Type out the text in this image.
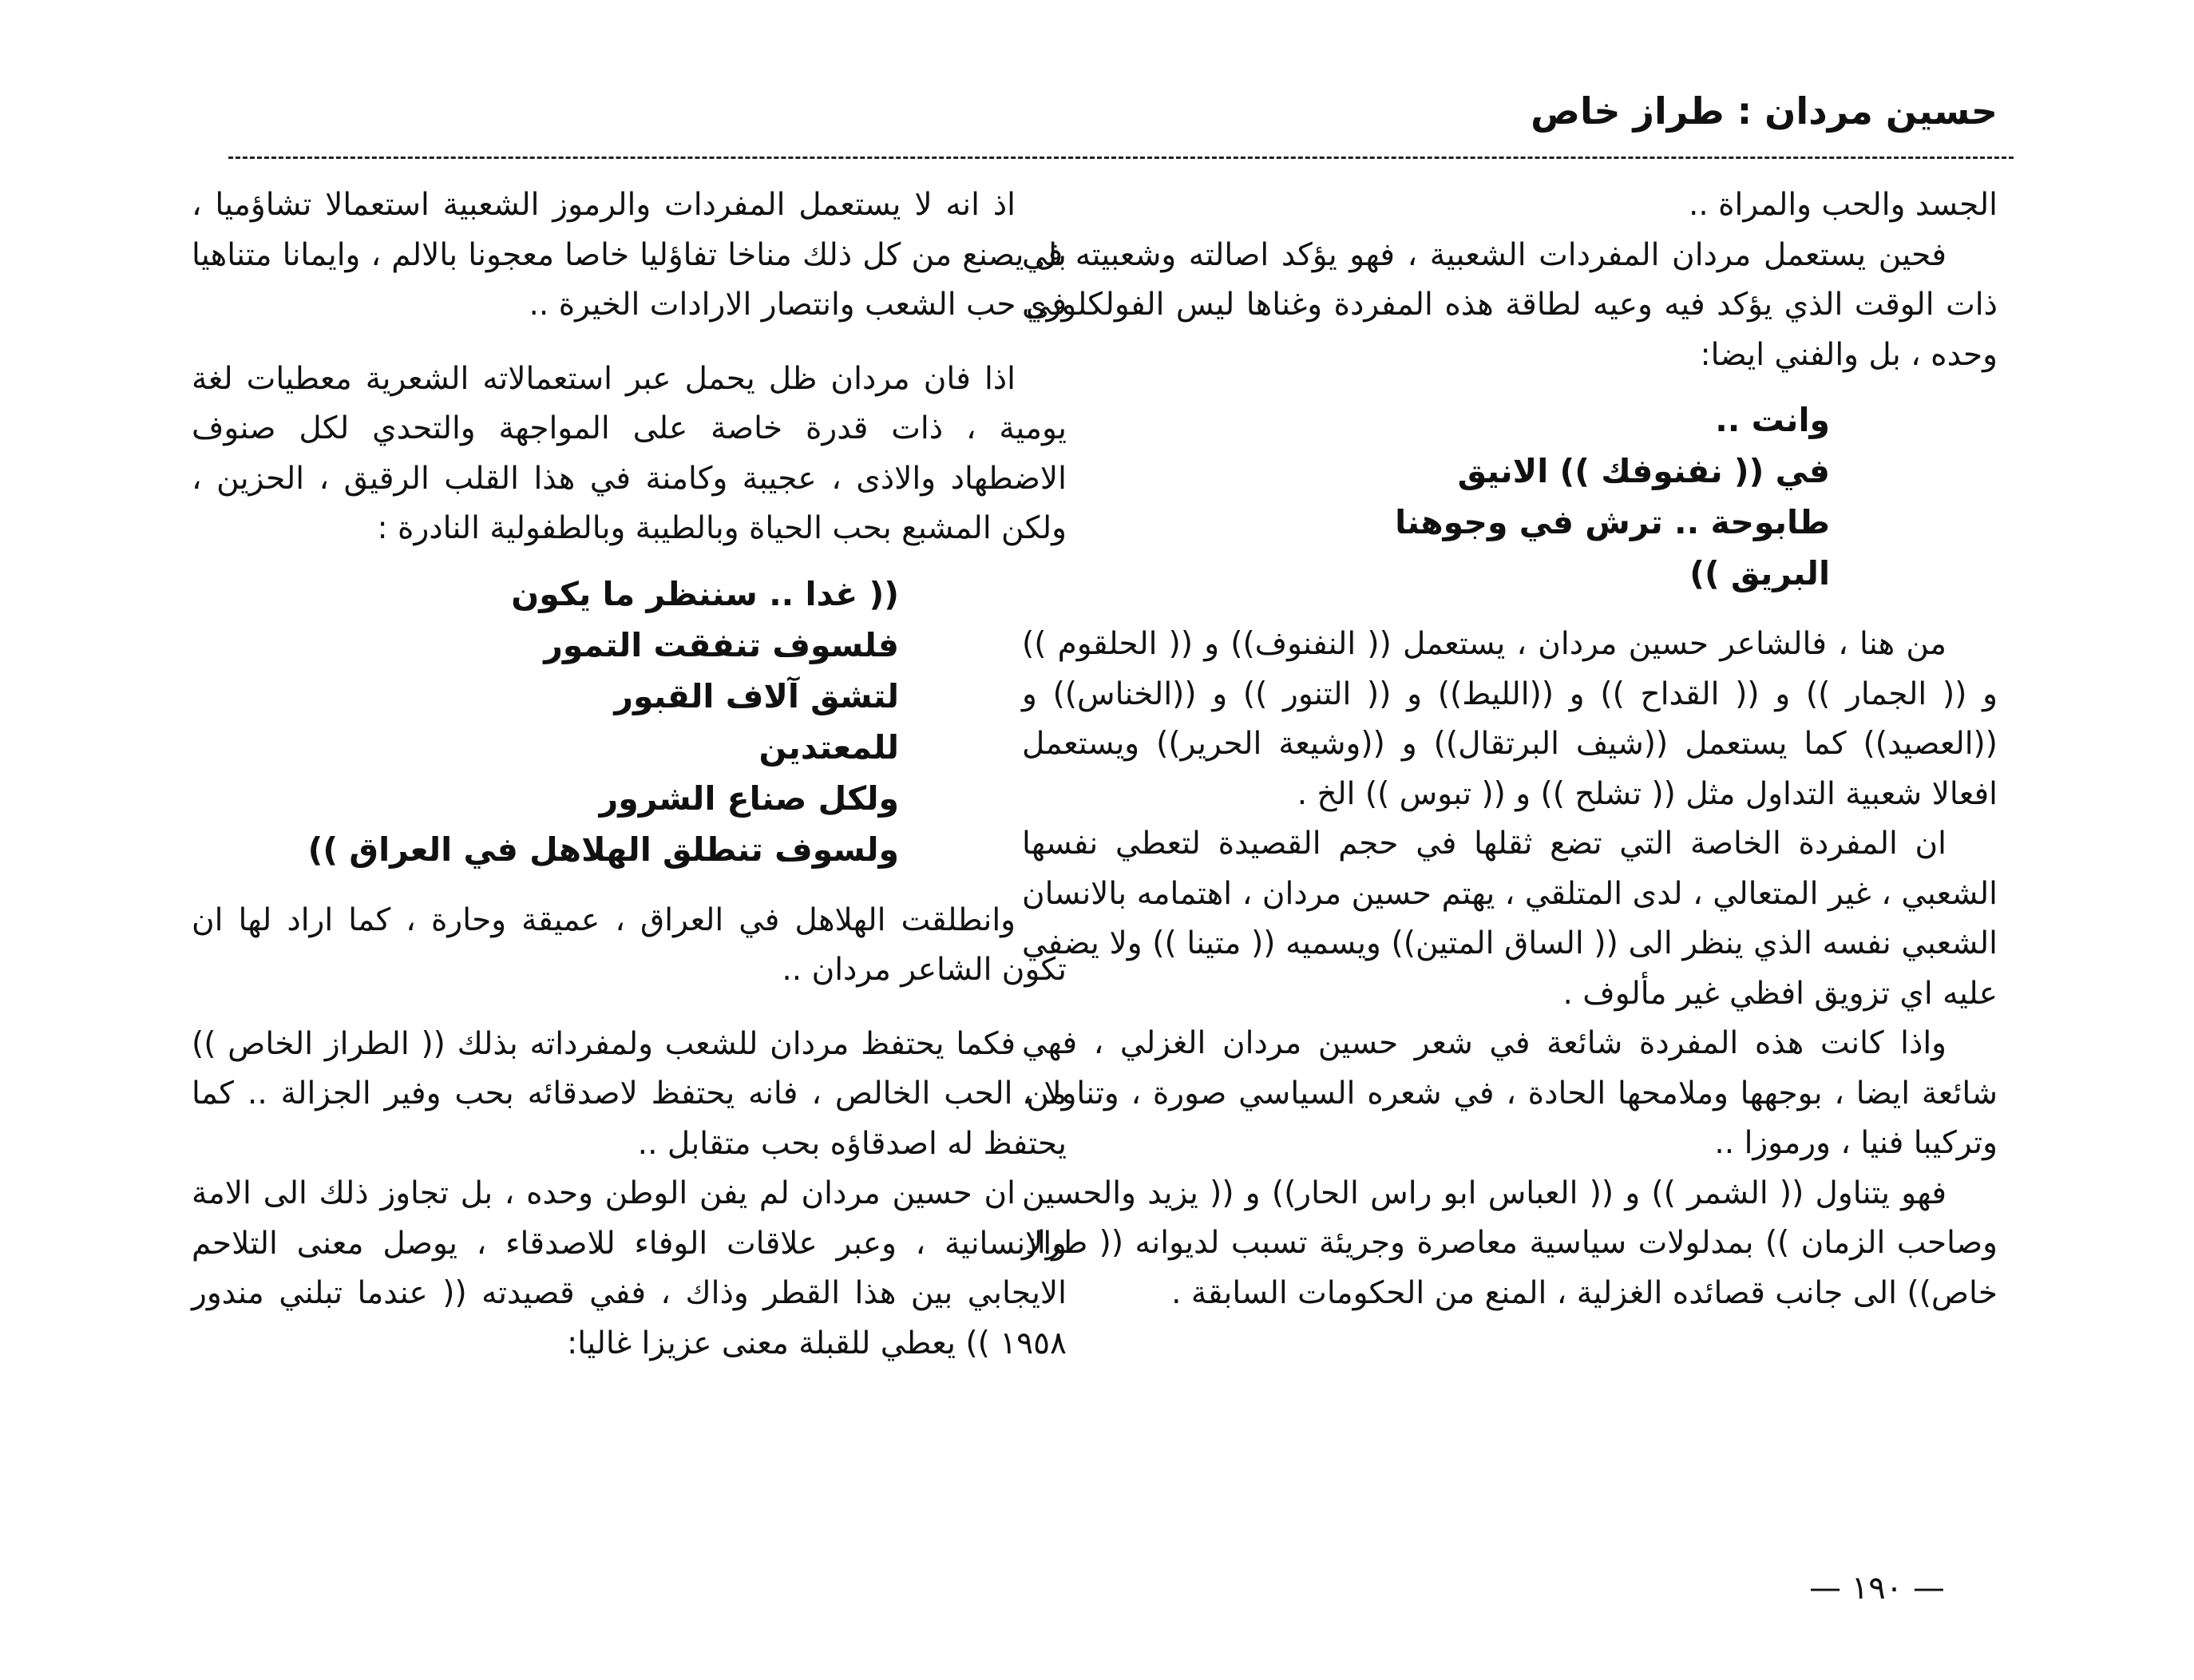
حسين مردان : طراز خاص

الجسد والحب والمراة ..

فحين يستعمل مردان المفردات الشعبية ، فهو يؤكد اصالته وشعبيته في ذات الوقت الذي يؤكد فيه وعيه لطاقة هذه المفردة وغناها ليس الفولكلوري وحده ، بل والفني ايضا:

وانت ..
في (( نفنوفك )) الانيق
طابوحة .. ترش في وجوهنا
البريق ))

من هنا ، فالشاعر حسين مردان ، يستعمل (( النفنوف)) و (( الحلقوم )) و (( الجمار )) و (( القداح )) و ((الليط)) و (( التنور )) و ((الخناس)) و ((العصيد)) كما يستعمل ((شيف البرتقال)) و ((وشيعة الحرير)) ويستعمل افعالا شعبية التداول مثل (( تشلح )) و (( تبوس )) الخ .

ان المفردة الخاصة التي تضع ثقلها في حجم القصيدة لتعطي نفسها الشعبي ، غير المتعالي ، لدى المتلقي ، يهتم حسين مردان ، اهتمامه بالانسان الشعبي نفسه الذي ينظر الى (( الساق المتين)) ويسميه (( متينا )) ولا يضفي عليه اي تزويق افظي غير مألوف .

واذا كانت هذه المفردة شائعة في شعر حسين مردان الغزلي ، فهي شائعة ايضا ، بوجهها وملامحها الحادة ، في شعره السياسي صورة ، وتناولا ، وتركيبا فنيا ، ورموزا ..

فهو يتناول (( الشمر )) و (( العباس ابو راس الحار)) و (( يزيد والحسين وصاحب الزمان )) بمدلولات سياسية معاصرة وجريئة تسبب لديوانه (( طراز خاص)) الى جانب قصائده الغزلية ، المنع من الحكومات السابقة .

اذ انه لا يستعمل المفردات والرموز الشعبية استعمالا تشاؤميا ، بل يصنع من كل ذلك مناخا تفاؤليا خاصا معجونا بالالم ، وايمانا متناهيا في حب الشعب وانتصار الارادات الخيرة ..

اذا فان مردان ظل يحمل عبر استعمالاته الشعرية معطيات لغة يومية ، ذات قدرة خاصة على المواجهة والتحدي لكل صنوف الاضطهاد والاذى ، عجيبة وكامنة في هذا القلب الرقيق ، الحزين ، ولكن المشبع بحب الحياة وبالطيبة وبالطفولية النادرة :

(( غدا .. سننظر ما يكون
فلسوف تنفقت التمور
لتشق آلاف القبور
للمعتدين
ولكل صناع الشرور
ولسوف تنطلق الهلاهل في العراق ))

وانطلقت الهلاهل في العراق ، عميقة وحارة ، كما اراد لها ان تكون الشاعر مردان ..

فكما يحتفظ مردان للشعب ولمفرداته بذلك (( الطراز الخاص )) من الحب الخالص ، فانه يحتفظ لاصدقائه بحب وفير الجزالة .. كما يحتفظ له اصدقاؤه بحب متقابل ..

ان حسين مردان لم يفن الوطن وحده ، بل تجاوز ذلك الى الامة والانسانية ، وعبر علاقات الوفاء للاصدقاء ، يوصل معنى التلاحم الايجابي بين هذا القطر وذاك ، ففي قصيدته (( عندما تبلني مندور ١٩٥٨ )) يعطي للقبلة معنى عزيزا غاليا:

— ١٩٠ —
